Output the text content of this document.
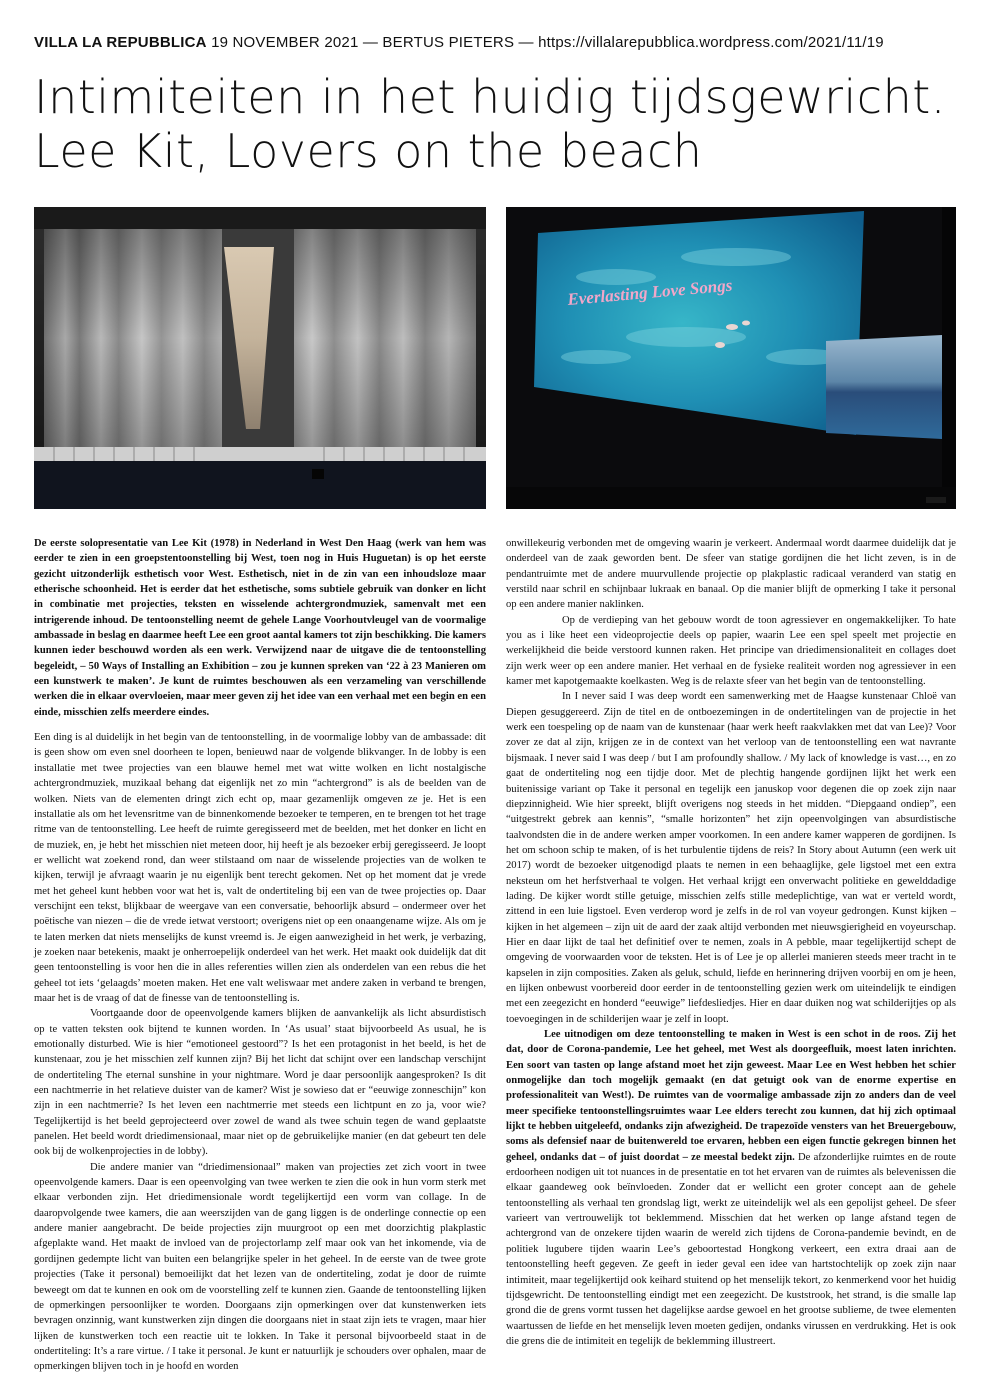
VILLA LA REPUBBLICA 19 NOVEMBER 2021 — BERTUS PIETERS — https://villalarepubblica.wordpress.com/2021/11/19
Intimiteiten in het huidig tijdsgewricht.
Lee Kit, Lovers on the beach
Everlasting Love Songs

De eerste solopresentatie van Lee Kit (1978) in Nederland in West Den Haag (werk van hem was eerder te zien in een groepstentoonstelling bij West, toen nog in Huis Huguetan) is op het eerste gezicht uitzonderlijk esthetisch voor West. Esthetisch, niet in de zin van een inhoudsloze maar etherische schoonheid. Het is eerder dat het esthetische, soms subtiele gebruik van donker en licht in combinatie met projecties, teksten en wisselende achtergrondmuziek, samenvalt met een intrigerende inhoud. De tentoonstelling neemt de gehele Lange Voorhoutvleugel van de voormalige ambassade in beslag en daarmee heeft Lee een groot aantal kamers tot zijn beschikking. Die kamers kunnen ieder beschouwd worden als een werk. Verwijzend naar de uitgave die de tentoonstelling begeleidt, – 50 Ways of Installing an Exhibition – zou je kunnen spreken van ‘22 à 23 Manieren om een kunstwerk te maken’. Je kunt de ruimtes beschouwen als een verzameling van verschillende werken die in elkaar overvloeien, maar meer geven zij het idee van een verhaal met een begin en een einde, misschien zelfs meerdere eindes.

Een ding is al duidelijk in het begin van de tentoonstelling, in de voormalige lobby van de ambassade: dit is geen show om even snel doorheen te lopen, benieuwd naar de volgende blikvanger. In de lobby is een installatie met twee projecties van een blauwe hemel met wat witte wolken en licht nostalgische achtergrondmuziek, muzikaal behang dat eigenlijk net zo min “achtergrond” is als de beelden van de wolken. Niets van de elementen dringt zich echt op, maar gezamenlijk omgeven ze je. Het is een installatie als om het levensritme van de binnenkomende bezoeker te temperen, en te brengen tot het trage ritme van de tentoonstelling. Lee heeft de ruimte geregisseerd met de beelden, met het donker en licht en de muziek, en, je hebt het misschien niet meteen door, hij heeft je als bezoeker erbij geregisseerd. Je loopt er wellicht wat zoekend rond, dan weer stilstaand om naar de wisselende projecties van de wolken te kijken, terwijl je afvraagt waarin je nu eigenlijk bent terecht gekomen. Net op het moment dat je vrede met het geheel kunt hebben voor wat het is, valt de ondertiteling bij een van de twee projecties op. Daar verschijnt een tekst, blijkbaar de weergave van een conversatie, behoorlijk absurd – ondermeer over het poëtische van niezen – die de vrede ietwat verstoort; overigens niet op een onaangename wijze. Als om je te laten merken dat niets menselijks de kunst vreemd is. Je eigen aanwezigheid in het werk, je verbazing, je zoeken naar betekenis, maakt je onherroepelijk onderdeel van het werk. Het maakt ook duidelijk dat dit geen tentoonstelling is voor hen die in alles referenties willen zien als onderdelen van een rebus die het geheel tot iets ‘gelaagds’ moeten maken. Het ene valt weliswaar met andere zaken in verband te brengen, maar het is de vraag of dat de finesse van de tentoonstelling is.

Voortgaande door de opeenvolgende kamers blijken de aanvankelijk als licht absurdistisch op te vatten teksten ook bijtend te kunnen worden. In ‘As usual’ staat bijvoorbeeld As usual, he is emotionally disturbed. Wie is hier “emotioneel gestoord”? Is het een protagonist in het beeld, is het de kunstenaar, zou je het misschien zelf kunnen zijn? Bij het licht dat schijnt over een landschap verschijnt de ondertiteling The eternal sunshine in your nightmare. Word je daar persoonlijk aangesproken? Is dit een nachtmerrie in het relatieve duister van de kamer? Wist je sowieso dat er “eeuwige zonneschijn” kon zijn in een nachtmerrie? Is het leven een nachtmerrie met steeds een lichtpunt en zo ja, voor wie? Tegelijkertijd is het beeld geprojecteerd over zowel de wand als twee schuin tegen de wand geplaatste panelen. Het beeld wordt driedimensionaal, maar niet op de gebruikelijke manier (en dat gebeurt ten dele ook bij de wolkenprojecties in de lobby).

Die andere manier van “driedimensionaal” maken van projecties zet zich voort in twee opeenvolgende kamers. Daar is een opeenvolging van twee werken te zien die ook in hun vorm sterk met elkaar verbonden zijn. Het driedimensionale wordt tegelijkertijd een vorm van collage. In de daaropvolgende twee kamers, die aan weerszijden van de gang liggen is de onderlinge connectie op een andere manier aangebracht. De beide projecties zijn muurgroot op een met doorzichtig plakplastic afgeplakte wand. Het maakt de invloed van de projectorlamp zelf maar ook van het inkomende, via de gordijnen gedempte licht van buiten een belangrijke speler in het geheel. In de eerste van de twee grote projecties (Take it personal) bemoeilijkt dat het lezen van de ondertiteling, zodat je door de ruimte beweegt om dat te kunnen en ook om de voorstelling zelf te kunnen zien. Gaande de tentoonstelling lijken de opmerkingen persoonlijker te worden. Doorgaans zijn opmerkingen over dat kunstenwerken iets bevragen onzinnig, want kunstwerken zijn dingen die doorgaans niet in staat zijn iets te vragen, maar hier lijken de kunstwerken toch een reactie uit te lokken. In Take it personal bijvoorbeeld staat in de ondertiteling: It’s a rare virtue. / I take it personal. Je kunt er natuurlijk je schouders over ophalen, maar de opmerkingen blijven toch in je hoofd en worden

onwillekeurig verbonden met de omgeving waarin je verkeert. Andermaal wordt daarmee duidelijk dat je onderdeel van de zaak geworden bent. De sfeer van statige gordijnen die het licht zeven, is in de pendantruimte met de andere muurvullende projectie op plakplastic radicaal veranderd van statig en verstild naar schril en schijnbaar lukraak en banaal. Op die manier blijft de opmerking I take it personal op een andere manier naklinken.

Op de verdieping van het gebouw wordt de toon agressiever en ongemakkelijker. To hate you as i like heet een videoprojectie deels op papier, waarin Lee een spel speelt met projectie en werkelijkheid die beide verstoord kunnen raken. Het principe van driedimensionaliteit en collages doet zijn werk weer op een andere manier. Het verhaal en de fysieke realiteit worden nog agressiever in een kamer met kapotgemaakte koelkasten. Weg is de relaxte sfeer van het begin van de tentoonstelling.

In I never said I was deep wordt een samenwerking met de Haagse kunstenaar Chloë van Diepen gesuggereerd. Zijn de titel en de ontboezemingen in de ondertitelingen van de projectie in het werk een toespeling op de naam van de kunstenaar (haar werk heeft raakvlakken met dat van Lee)? Voor zover ze dat al zijn, krijgen ze in de context van het verloop van de tentoonstelling een wat navrante bijsmaak. I never said I was deep / but I am profoundly shallow. / My lack of knowledge is vast…, en zo gaat de ondertiteling nog een tijdje door. Met de plechtig hangende gordijnen lijkt het werk een buitenissige variant op Take it personal en tegelijk een januskop voor degenen die op zoek zijn naar diepzinnigheid. Wie hier spreekt, blijft overigens nog steeds in het midden. “Diepgaand ondiep”, een “uitgestrekt gebrek aan kennis”, “smalle horizonten” het zijn opeenvolgingen van absurdistische taalvondsten die in de andere werken amper voorkomen. In een andere kamer wapperen de gordijnen. Is het om schoon schip te maken, of is het turbulentie tijdens de reis? In Story about Autumn (een werk uit 2017) wordt de bezoeker uitgenodigd plaats te nemen in een behaaglijke, gele ligstoel met een extra neksteun om het herfstverhaal te volgen. Het verhaal krijgt een onverwacht politieke en gewelddadige lading. De kijker wordt stille getuige, misschien zelfs stille medeplichtige, van wat er verteld wordt, zittend in een luie ligstoel. Even verderop word je zelfs in de rol van voyeur gedrongen. Kunst kijken – kijken in het algemeen – zijn uit de aard der zaak altijd verbonden met nieuwsgierigheid en voyeurschap. Hier en daar lijkt de taal het definitief over te nemen, zoals in A pebble, maar tegelijkertijd schept de omgeving de voorwaarden voor de teksten. Het is of Lee je op allerlei manieren steeds meer tracht in te kapselen in zijn composities. Zaken als geluk, schuld, liefde en herinnering drijven voorbij en om je heen, en lijken onbewust voorbereid door eerder in de tentoonstelling gezien werk om uiteindelijk te eindigen met een zeegezicht en honderd “eeuwige” liefdesliedjes. Hier en daar duiken nog wat schilderijtjes op als toevoegingen in de schilderijen waar je zelf in loopt.

Lee uitnodigen om deze tentoonstelling te maken in West is een schot in de roos. Zij het dat, door de Corona-pandemie, Lee het geheel, met West als doorgeefluik, moest laten inrichten. Een soort van tasten op lange afstand moet het zijn geweest. Maar Lee en West hebben het schier onmogelijke dan toch mogelijk gemaakt (en dat getuigt ook van de enorme expertise en professionaliteit van West!). De ruimtes van de voormalige ambassade zijn zo anders dan de veel meer specifieke tentoonstellingsruimtes waar Lee elders terecht zou kunnen, dat hij zich optimaal lijkt te hebben uitgeleefd, ondanks zijn afwezigheid. De trapezoïde vensters van het Breuergebouw, soms als defensief naar de buitenwereld toe ervaren, hebben een eigen functie gekregen binnen het geheel, ondanks dat – of juist doordat – ze meestal bedekt zijn. De afzonderlijke ruimtes en de route erdoorheen nodigen uit tot nuances in de presentatie en tot het ervaren van de ruimtes als belevenissen die elkaar gaandeweg ook beïnvloeden. Zonder dat er wellicht een groter concept aan de gehele tentoonstelling als verhaal ten grondslag ligt, werkt ze uiteindelijk wel als een gepolijst geheel. De sfeer varieert van vertrouwelijk tot beklemmend. Misschien dat het werken op lange afstand tegen de achtergrond van de onzekere tijden waarin de wereld zich tijdens de Corona-pandemie bevindt, en de politiek lugubere tijden waarin Lee’s geboortestad Hongkong verkeert, een extra draai aan de tentoonstelling heeft gegeven. Ze geeft in ieder geval een idee van hartstochtelijk op zoek zijn naar intimiteit, maar tegelijkertijd ook keihard stuitend op het menselijk tekort, zo kenmerkend voor het huidig tijdsgewricht. De tentoonstelling eindigt met een zeegezicht. De kuststrook, het strand, is die smalle lap grond die de grens vormt tussen het dagelijkse aardse gewoel en het grootse sublieme, de twee elementen waartussen de liefde en het menselijk leven moeten gedijen, ondanks virussen en verdrukking. Het is ook die grens die de intimiteit en tegelijk de beklemming illustreert.
